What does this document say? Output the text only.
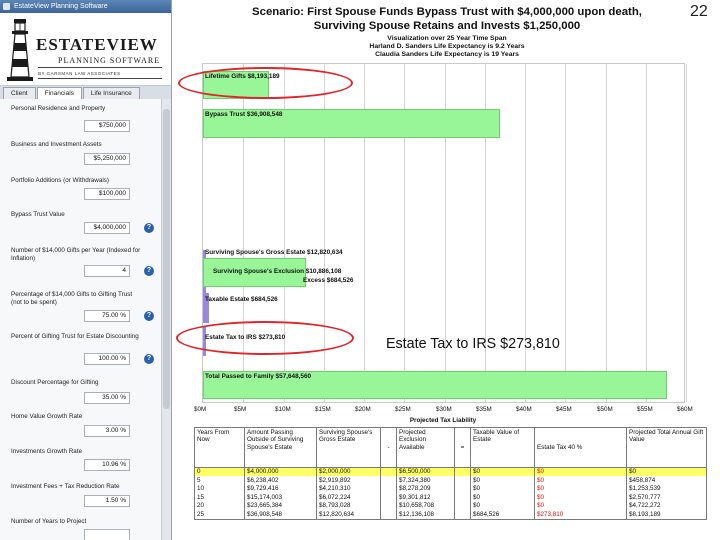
EstateView Planning Software
ESTATEVIEW
PLANNING SOFTWARE
BY GARSMAN LAW ASSOCIATES
Client	Financials	Life Insurance
Personal Residence and Property
$750,000
Business and Investment Assets
$5,250,000
Portfolio Additions (or Withdrawals)
$100,000
Bypass Trust Value
$4,000,000	?
Number of $14,000 Gifts per Year (Indexed for Inflation)
4	?
Percentage of $14,000 Gifts to Gifting Trust (not to be spent)
75.00 %	?
Percent of Gifting Trust for Estate Discounting
100.00 %	?
Discount Percentage for Gifting
35.00 %
Home Value Growth Rate
3.00 %
Investments Growth Rate
10.96 %
Investment Fees + Tax Reduction Rate
1.50 %
Number of Years to Project
22
Scenario: First Spouse Funds Bypass Trust with $4,000,000 upon death,
Surviving Spouse Retains and Invests $1,250,000
Visualization over 25 Year Time Span
Harland D. Sanders Life Expectancy is 9.2 Years
Claudia Sanders Life Expectancy is 19 Years
Lifetime Gifts $8,193,189
Bypass Trust $36,908,548
Surviving Spouse's Gross Estate $12,820,634
Surviving Spouse's Exclusion $10,886,108
Excess $684,526
Taxable Estate $684,526
Estate Tax to IRS $273,810
Total Passed to Family $57,648,560
$0M	$5M	$10M	$15M	$20M	$25M	$30M	$35M	$40M	$45M	$50M	$55M	$60M
Projected Tax Liability
Estate Tax to IRS $273,810
Years From Now	Amount Passing Outside of Surviving Spouse's Estate	Surviving Spouse's Gross Estate	-	Projected Exclusion Available	=	Taxable Value of Estate	Estate Tax 40 %	Projected Total Annual Gift Value
0	$4,000,000	$2,000,000		$6,500,000		$0	$0	$0
5	$6,238,402	$2,919,892		$7,324,380		$0	$0	$458,874
10	$9,729,416	$4,210,310		$8,278,209		$0	$0	$1,253,539
15	$15,174,003	$6,072,224		$9,301,812		$0	$0	$2,570,777
20	$23,665,384	$8,793,028		$10,658,708		$0	$0	$4,722,272
25	$36,908,548	$12,820,634		$12,136,108		$684,526	$273,810	$8,193,189
